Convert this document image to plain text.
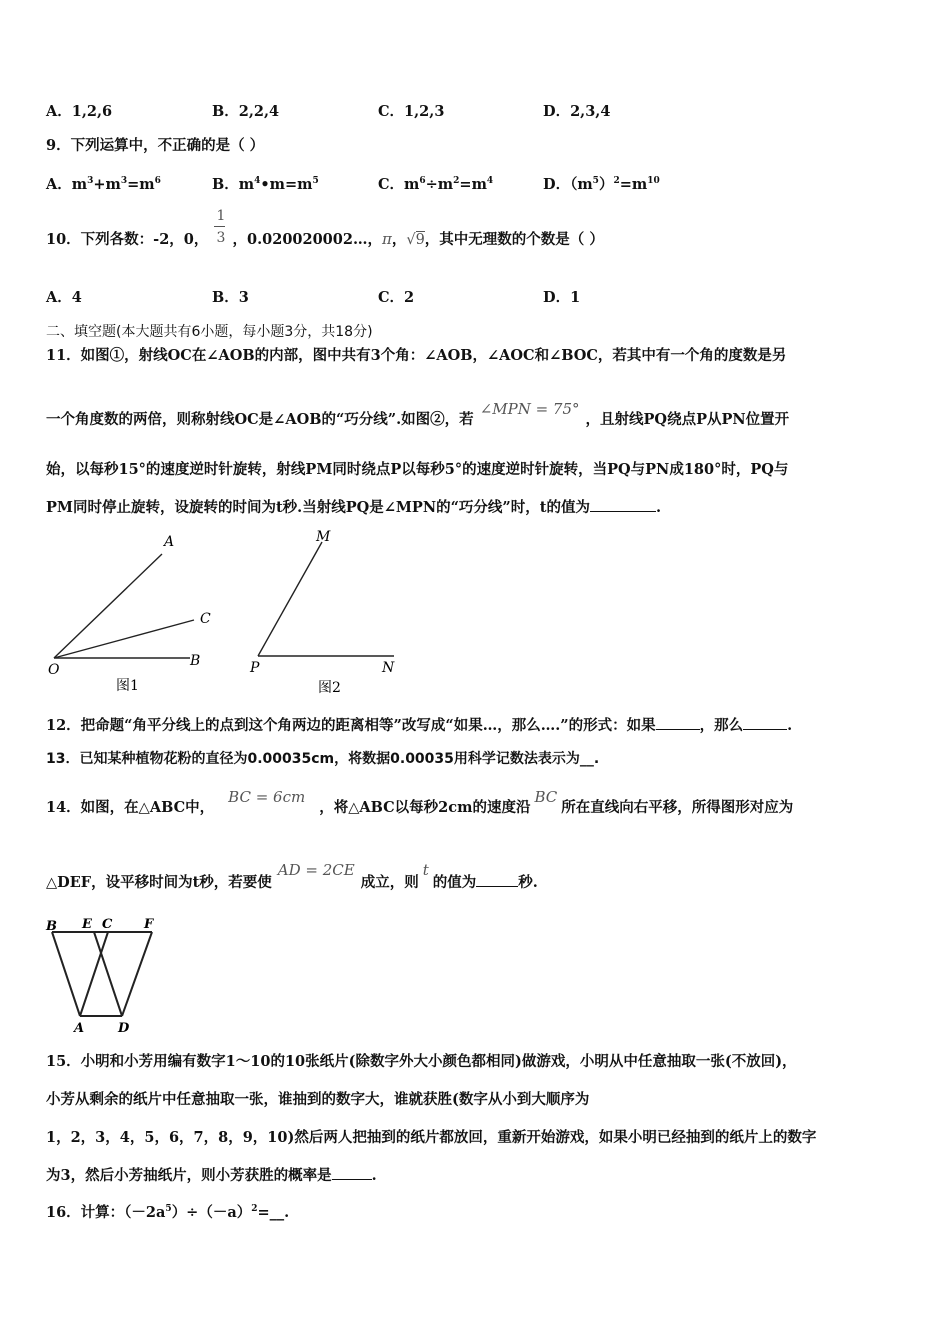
A．1,2,6	B．2,2,4	C．1,2,3	D．2,3,4
9．下列运算中，不正确的是（ ）
A．$m^3+m^3=m^6$	B．$m^4•m=m^5$	C．$m^6\div m^2=m^4$	D．$(m^5)^2=m^{10}$
10．下列各数：-2，0， $\frac{1}{3}$ ，0.020020002…，π，√9，其中无理数的个数是（ ）
A．4	B．3	C．2	D．1
二、填空题(本大题共有6小题，每小题3分，共18分)
11．如图①，射线OC在∠AOB的内部，图中共有3个角：∠AOB，∠AOC和∠BOC，若其中有一个角的度数是另
一个角度数的两倍，则称射线OC是∠AOB的“巧分线”.如图②，若∠MPN = 75°，且射线PQ绕点P从PN位置开
始，以每秒15°的速度逆时针旋转，射线PM同时绕点P以每秒5°的速度逆时针旋转，当PQ与PN成180°时，PQ与
PM同时停止旋转，设旋转的时间为t秒.当射线PQ是∠MPN的“巧分线”时，t的值为	.
A
C
O
B
图1
M
P	N
图2
12．把命题“角平分线上的点到这个角两边的距离相等”改写成“如果…，那么….”的形式：如果	，那么	.
13．已知某种植物花粉的直径为0.00035cm，将数据0.00035用科学记数法表示为__.
14．如图，在△ABC中，BC = 6cm，将△ABC以每秒2cm的速度沿BC所在直线向右平移，所得图形对应为
△DEF，设平移时间为t秒，若要使AD = 2CE成立，则t的值为	秒.
B E C F
A	D
15．小明和小芳用编有数字1～10的10张纸片(除数字外大小颜色都相同)做游戏，小明从中任意抽取一张(不放回)，
小芳从剩余的纸片中任意抽取一张，谁抽到的数字大，谁就获胜(数字从小到大顺序为
1，2，3，4，5，6，7，8，9，10)然后两人把抽到的纸片都放回，重新开始游戏，如果小明已经抽到的纸片上的数字
为3，然后小芳抽纸片，则小芳获胜的概率是	.
16．计算：$(-2a^5)\div(-a)^2=\_\_$.
